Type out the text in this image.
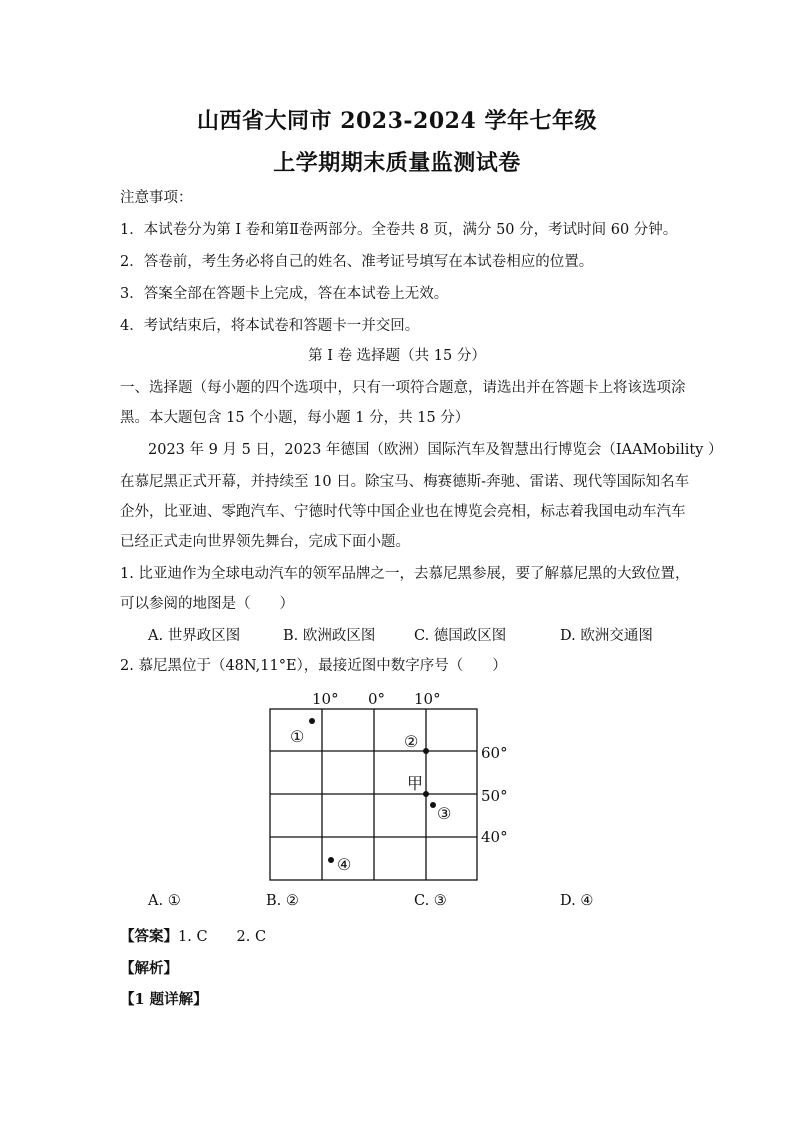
山西省大同市 2023-2024 学年七年级
上学期期末质量监测试卷
注意事项：
1．本试卷分为第 I 卷和第Ⅱ卷两部分。全卷共 8 页，满分 50 分，考试时间 60 分钟。
2．答卷前，考生务必将自己的姓名、准考证号填写在本试卷相应的位置。
3．答案全部在答题卡上完成，答在本试卷上无效。
4．考试结束后，将本试卷和答题卡一并交回。
第 I 卷 选择题（共 15 分）
一、选择题（每小题的四个选项中，只有一项符合题意，请选出并在答题卡上将该选项涂
黑。本大题包含 15 个小题，每小题 1 分，共 15 分）
2023 年 9 月 5 日，2023 年德国（欧洲）国际汽车及智慧出行博览会（IAAMobility ）
在慕尼黑正式开幕，并持续至 10 日。除宝马、梅赛德斯-奔驰、雷诺、现代等国际知名车
企外，比亚迪、零跑汽车、宁德时代等中国企业也在博览会亮相，标志着我国电动车汽车
已经正式走向世界领先舞台，完成下面小题。
1. 比亚迪作为全球电动汽车的领军品牌之一，去慕尼黑参展，要了解慕尼黑的大致位置，
可以参阅的地图是（　　）
A. 世界政区图	B. 欧洲政区图	C. 德国政区图	D. 欧洲交通图
2. 慕尼黑位于（48N,11°E），最接近图中数字序号（　　）
10° 0° 10°
60°
50°
40°
①	②
甲
③
④
A. ①	B. ②	C. ③	D. ④
【答案】1. C　　2. C
【解析】
【1 题详解】
